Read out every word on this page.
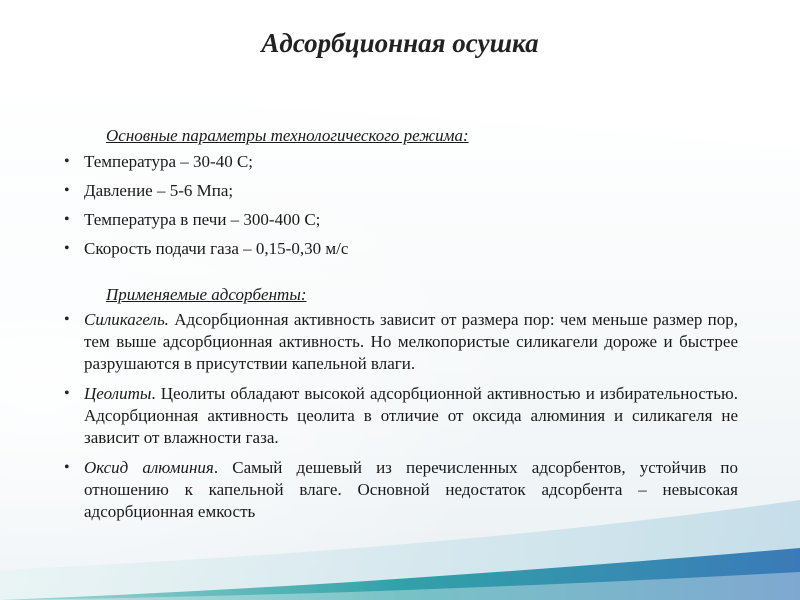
Адсорбционная осушка
Основные параметры технологического режима:
• Температура – 30-40 С;
• Давление – 5-6 Мпа;
• Температура в печи – 300-400 С;
• Скорость подачи газа – 0,15-0,30 м/с
Применяемые адсорбенты:
• Силикагель. Адсорбционная активность зависит от размера пор: чем меньше размер пор, тем выше адсорбционная активность. Но мелкопористые силикагели дороже и быстрее разрушаются в присутствии капельной влаги.
• Цеолиты. Цеолиты обладают высокой адсорбционной активностью и избирательностью. Адсорбционная активность цеолита в отличие от оксида алюминия и силикагеля не зависит от влажности газа.
• Оксид алюминия. Самый дешевый из перечисленных адсорбентов, устойчив по отношению к капельной влаге. Основной недостаток адсорбента – невысокая адсорбционная емкость
